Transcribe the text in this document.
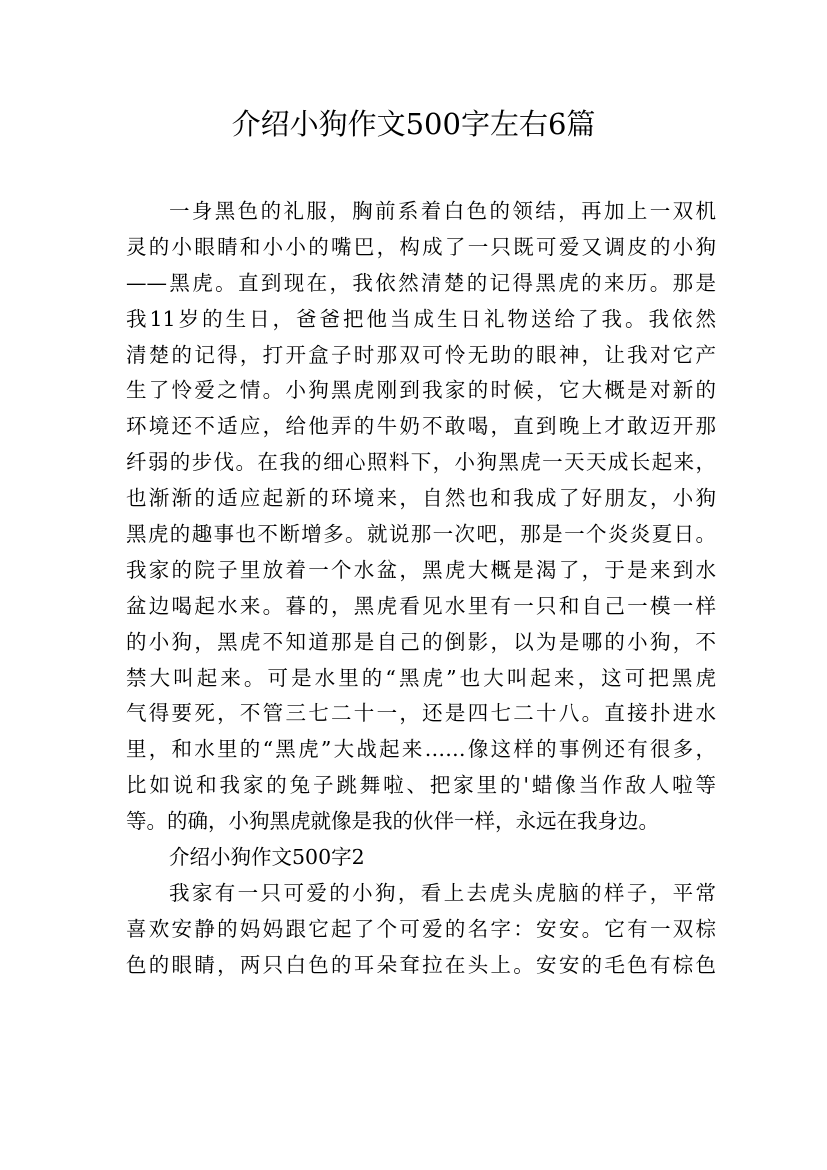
介绍小狗作文500字左右6篇
一身黑色的礼服，胸前系着白色的领结，再加上一双机
灵的小眼睛和小小的嘴巴，构成了一只既可爱又调皮的小狗
——黑虎。直到现在，我依然清楚的记得黑虎的来历。那是
我11岁的生日，爸爸把他当成生日礼物送给了我。我依然
清楚的记得，打开盒子时那双可怜无助的眼神，让我对它产
生了怜爱之情。小狗黑虎刚到我家的时候，它大概是对新的
环境还不适应，给他弄的牛奶不敢喝，直到晚上才敢迈开那
纤弱的步伐。在我的细心照料下，小狗黑虎一天天成长起来，
也渐渐的适应起新的环境来，自然也和我成了好朋友，小狗
黑虎的趣事也不断增多。就说那一次吧，那是一个炎炎夏日。
我家的院子里放着一个水盆，黑虎大概是渴了，于是来到水
盆边喝起水来。暮的，黑虎看见水里有一只和自己一模一样
的小狗，黑虎不知道那是自己的倒影，以为是哪的小狗，不
禁大叫起来。可是水里的“黑虎”也大叫起来，这可把黑虎
气得要死，不管三七二十一，还是四七二十八。直接扑进水
里，和水里的“黑虎”大战起来……像这样的事例还有很多，
比如说和我家的兔子跳舞啦、把家里的'蜡像当作敌人啦等
等。的确，小狗黑虎就像是我的伙伴一样，永远在我身边。
介绍小狗作文500字2
我家有一只可爱的小狗，看上去虎头虎脑的样子，平常
喜欢安静的妈妈跟它起了个可爱的名字：安安。它有一双棕
色的眼睛，两只白色的耳朵耷拉在头上。安安的毛色有棕色
